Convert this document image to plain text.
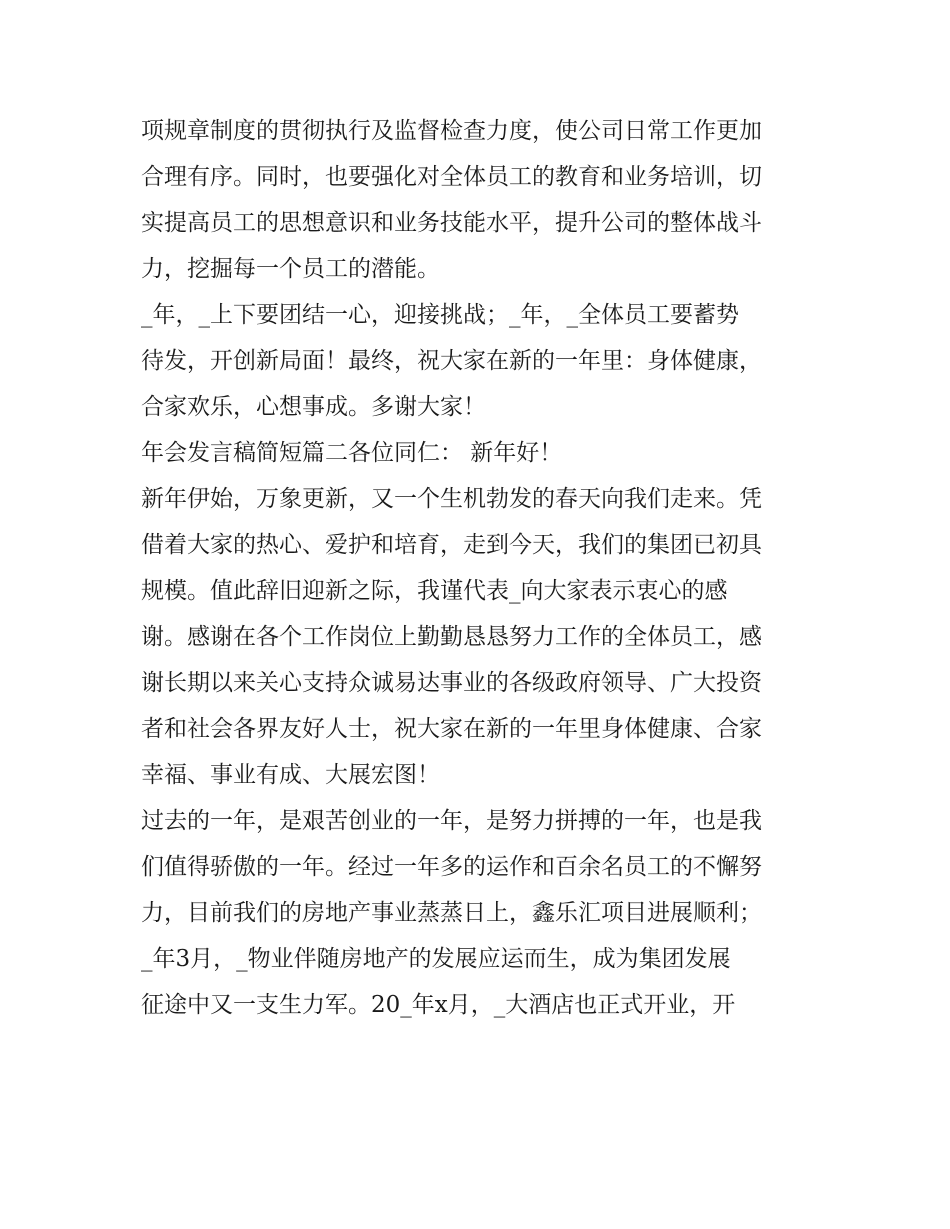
项规章制度的贯彻执行及监督检查力度，使公司日常工作更加
合理有序。同时，也要强化对全体员工的教育和业务培训，切
实提高员工的思想意识和业务技能水平，提升公司的整体战斗
力，挖掘每一个员工的潜能。
_年，_上下要团结一心，迎接挑战；_年，_全体员工要蓄势
待发，开创新局面！最终，祝大家在新的一年里：身体健康，
合家欢乐，心想事成。多谢大家！
年会发言稿简短篇二各位同仁： 新年好！
新年伊始，万象更新，又一个生机勃发的春天向我们走来。凭
借着大家的热心、爱护和培育，走到今天，我们的集团已初具
规模。值此辞旧迎新之际，我谨代表_向大家表示衷心的感
谢。感谢在各个工作岗位上勤勤恳恳努力工作的全体员工，感
谢长期以来关心支持众诚易达事业的各级政府领导、广大投资
者和社会各界友好人士，祝大家在新的一年里身体健康、合家
幸福、事业有成、大展宏图！
过去的一年，是艰苦创业的一年，是努力拼搏的一年，也是我
们值得骄傲的一年。经过一年多的运作和百余名员工的不懈努
力，目前我们的房地产事业蒸蒸日上，鑫乐汇项目进展顺利；
_年3月，_物业伴随房地产的发展应运而生，成为集团发展
征途中又一支生力军。20_年x月，_大酒店也正式开业，开
